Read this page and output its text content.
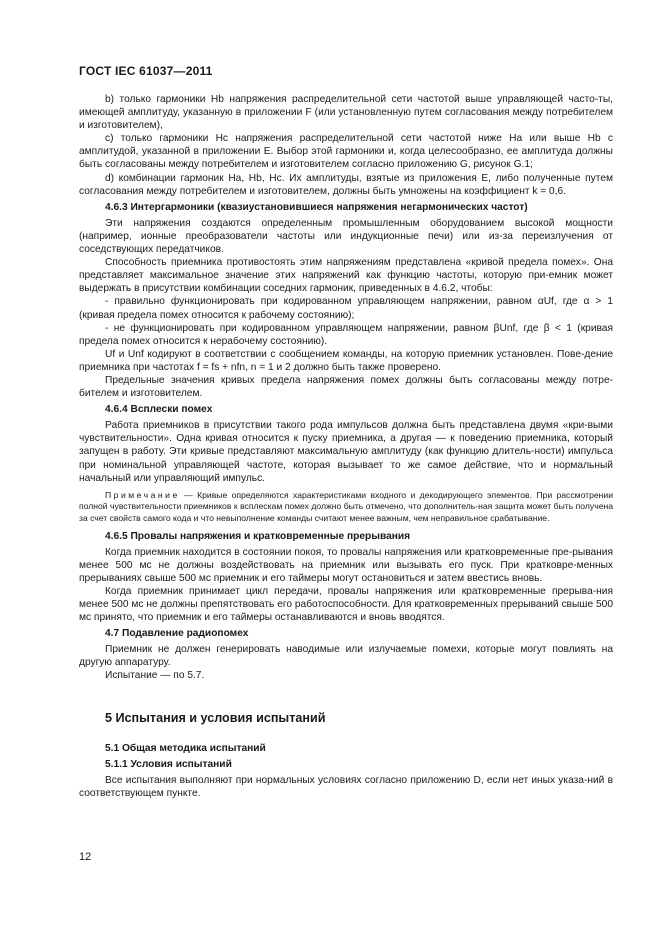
ГОСТ IEC 61037—2011

b) только гармоники Hb напряжения распределительной сети частотой выше управляющей часто-ты, имеющей амплитуду, указанную в приложении F (или установленную путем согласования между потребителем и изготовителем),

с) только гармоники Hc напряжения распределительной сети частотой ниже Ha или выше Hb с амплитудой, указанной в приложении Е. Выбор этой гармоники и, когда целесообразно, ее амплитуда должны быть согласованы между потребителем и изготовителем согласно приложению G, рисунок G.1;

d) комбинации гармоник Ha, Hb, Hc. Их амплитуды, взятые из приложения Е, либо полученные путем согласования между потребителем и изготовителем, должны быть умножены на коэффициент k = 0,6.

4.6.3 Интергармоники (квазиустановившиеся напряжения негармонических частот)

Эти напряжения создаются определенным промышленным оборудованием высокой мощности (например, ионные преобразователи частоты или индукционные печи) или из-за переизлучения от соседствующих передатчиков.

Способность приемника противостоять этим напряжениям представлена «кривой предела помех». Она представляет максимальное значение этих напряжений как функцию частоты, которую при-емник может выдержать в присутствии комбинации соседних гармоник, приведенных в 4.6.2, чтобы:

- правильно функционировать при кодированном управляющем напряжении, равном αUf, где α > 1 (кривая предела помех относится к рабочему состоянию);

- не функционировать при кодированном управляющем напряжении, равном βUnf, где β < 1 (кривая предела помех относится к нерабочему состоянию).

Uf и Unf кодируют в соответствии с сообщением команды, на которую приемник установлен. Пове-дение приемника при частотах f = fs + nfn, n = 1 и 2 должно быть также проверено.

Предельные значения кривых предела напряжения помех должны быть согласованы между потре-бителем и изготовителем.

4.6.4 Всплески помех

Работа приемников в присутствии такого рода импульсов должна быть представлена двумя «кри-выми чувствительности». Одна кривая относится к пуску приемника, а другая — к поведению приемника, который запущен в работу. Эти кривые представляют максимальную амплитуду (как функцию длитель-ности) импульса при номинальной управляющей частоте, которая вызывает то же самое действие, что и нормальный начальный или управляющий импульс.

Примечание — Кривые определяются характеристиками входного и декодирующего элементов. При рассмотрении полной чувствительности приемников к всплескам помех должно быть отмечено, что дополнитель-ная защита может быть получена за счет свойств самого кода и что невыполнение команды считают менее важным, чем неправильное срабатывание.

4.6.5 Провалы напряжения и кратковременные прерывания

Когда приемник находится в состоянии покоя, то провалы напряжения или кратковременные пре-рывания менее 500 мс не должны воздействовать на приемник или вызывать его пуск. При кратковре-менных прерываниях свыше 500 мс приемник и его таймеры могут остановиться и затем ввестись вновь.

Когда приемник принимает цикл передачи, провалы напряжения или кратковременные прерыва-ния менее 500 мс не должны препятствовать его работоспособности. Для кратковременных прерываний свыше 500 мс принято, что приемник и его таймеры останавливаются и вновь вводятся.

4.7 Подавление радиопомех

Приемник не должен генерировать наводимые или излучаемые помехи, которые могут повлиять на другую аппаратуру.

Испытание — по 5.7.

5 Испытания и условия испытаний
5.1 Общая методика испытаний
5.1.1 Условия испытаний

Все испытания выполняют при нормальных условиях согласно приложению D, если нет иных указа-ний в соответствующем пункте.

12
